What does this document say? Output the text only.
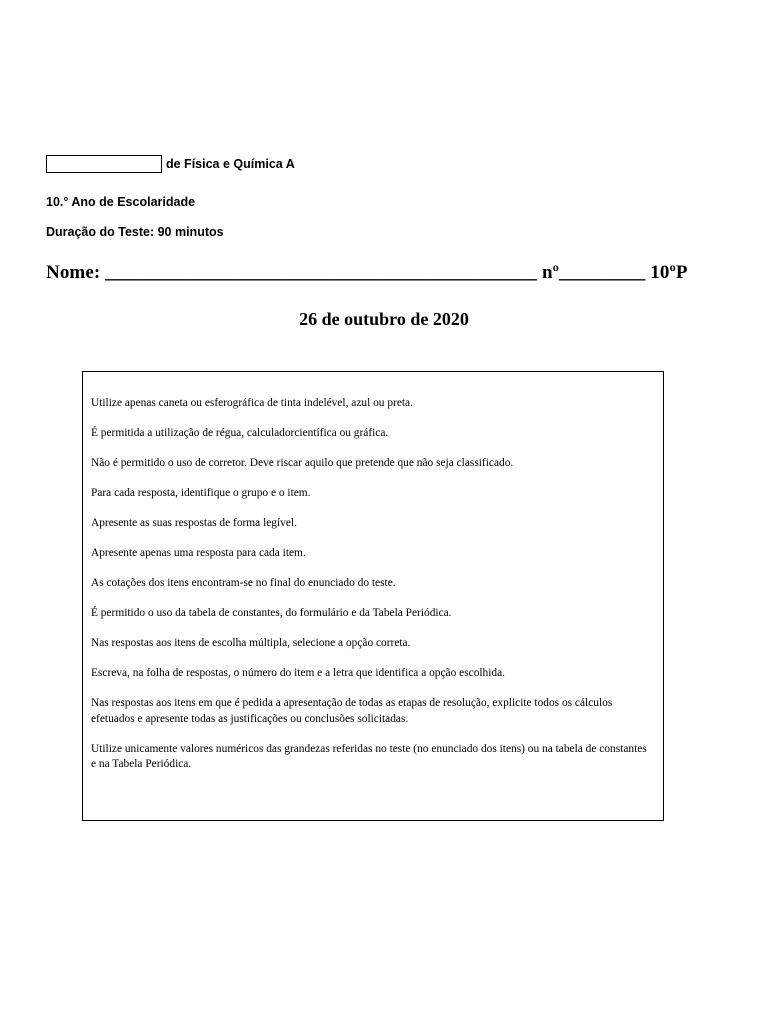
de Física e Química A
10.° Ano de Escolaridade
Duração do Teste: 90 minutos
Nome: _____________________________________________ nº_________ 10ºP
26 de outubro de 2020

Utilize apenas caneta ou esferográfica de tinta indelével, azul ou preta.

É permitida a utilização de régua, calculadorcientífica ou gráfica.

Não é permitido o uso de corretor. Deve riscar aquilo que pretende que não seja classificado.

Para cada resposta, identifique o grupo e o item.

Apresente as suas respostas de forma legível.

Apresente apenas uma resposta para cada item.

As cotações dos itens encontram-se no final do enunciado do teste.

É permitido o uso da tabela de constantes, do formulário e da Tabela Periódica.

Nas respostas aos itens de escolha múltipla, selecione a opção correta.

Escreva, na folha de respostas, o número do item e a letra que identifica a opção escolhida.

Nas respostas aos itens em que é pedida a apresentação de todas as etapas de resolução, explicite todos os cálculos efetuados e apresente todas as justificações ou conclusões solicitadas.

Utilize unicamente valores numéricos das grandezas referidas no teste (no enunciado dos itens) ou na tabela de constantes e na Tabela Periódica.
